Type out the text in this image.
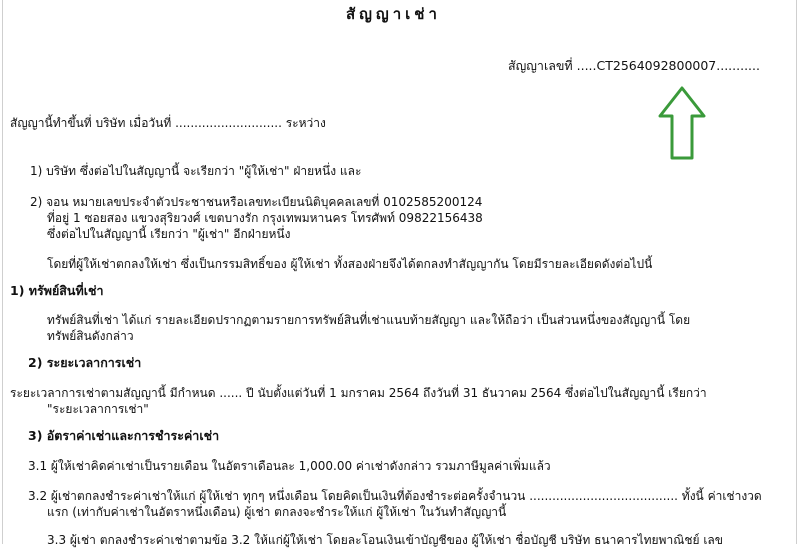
สัญญาเช่า
สัญญาเลขที่ .....CT2564092800007...........
สัญญานี้ทำขึ้นที่ บริษัท เมื่อวันที่ ............................ ระหว่าง
1) บริษัท ซึ่งต่อไปในสัญญานี้ จะเรียกว่า "ผู้ให้เช่า" ฝ่ายหนึ่ง และ
2) จอน หมายเลขประจำตัวประชาชนหรือเลขทะเบียนนิติบุคคลเลขที่ 0102585200124
ที่อยู่ 1 ซอยสอง แขวงสุริยวงศ์ เขตบางรัก กรุงเทพมหานคร โทรศัพท์ 09822156438
ซึ่งต่อไปในสัญญานี้ เรียกว่า "ผู้เช่า" อีกฝ่ายหนึ่ง
โดยที่ผู้ให้เช่าตกลงให้เช่า ซึ่งเป็นกรรมสิทธิ์ของ ผู้ให้เช่า ทั้งสองฝ่ายจึงได้ตกลงทำสัญญากัน โดยมีรายละเอียดดังต่อไปนี้
1) ทรัพย์สินที่เช่า
ทรัพย์สินที่เช่า ได้แก่ รายละเอียดปรากฏตามรายการทรัพย์สินที่เช่าแนบท้ายสัญญา และให้ถือว่า เป็นส่วนหนึ่งของสัญญานี้ โดย
ทรัพย์สินดังกล่าว
2) ระยะเวลาการเช่า
ระยะเวลาการเช่าตามสัญญานี้ มีกำหนด ...... ปี นับตั้งแต่วันที่ 1 มกราคม 2564 ถึงวันที่ 31 ธันวาคม 2564 ซึ่งต่อไปในสัญญานี้ เรียกว่า
"ระยะเวลาการเช่า"
3) อัตราค่าเช่าและการชำระค่าเช่า
3.1 ผู้ให้เช่าคิดค่าเช่าเป็นรายเดือน ในอัตราเดือนละ 1,000.00 ค่าเช่าดังกล่าว รวมภาษีมูลค่าเพิ่มแล้ว
3.2 ผู้เช่าตกลงชำระค่าเช่าให้แก่ ผู้ให้เช่า ทุกๆ หนึ่งเดือน โดยคิดเป็นเงินที่ต้องชำระต่อครั้งจำนวน ....................................... ทั้งนี้ ค่าเช่างวด
แรก (เท่ากับค่าเช่าในอัตราหนึ่งเดือน) ผู้เช่า ตกลงจะชำระให้แก่ ผู้ให้เช่า ในวันทำสัญญานี้
3.3 ผู้เช่า ตกลงชำระค่าเช่าตามข้อ 3.2 ให้แก่ผู้ให้เช่า โดยละโอนเงินเข้าบัญชีของ ผู้ให้เช่า ชื่อบัญชี บริษัท ธนาคารไทยพาณิชย์ เลข
